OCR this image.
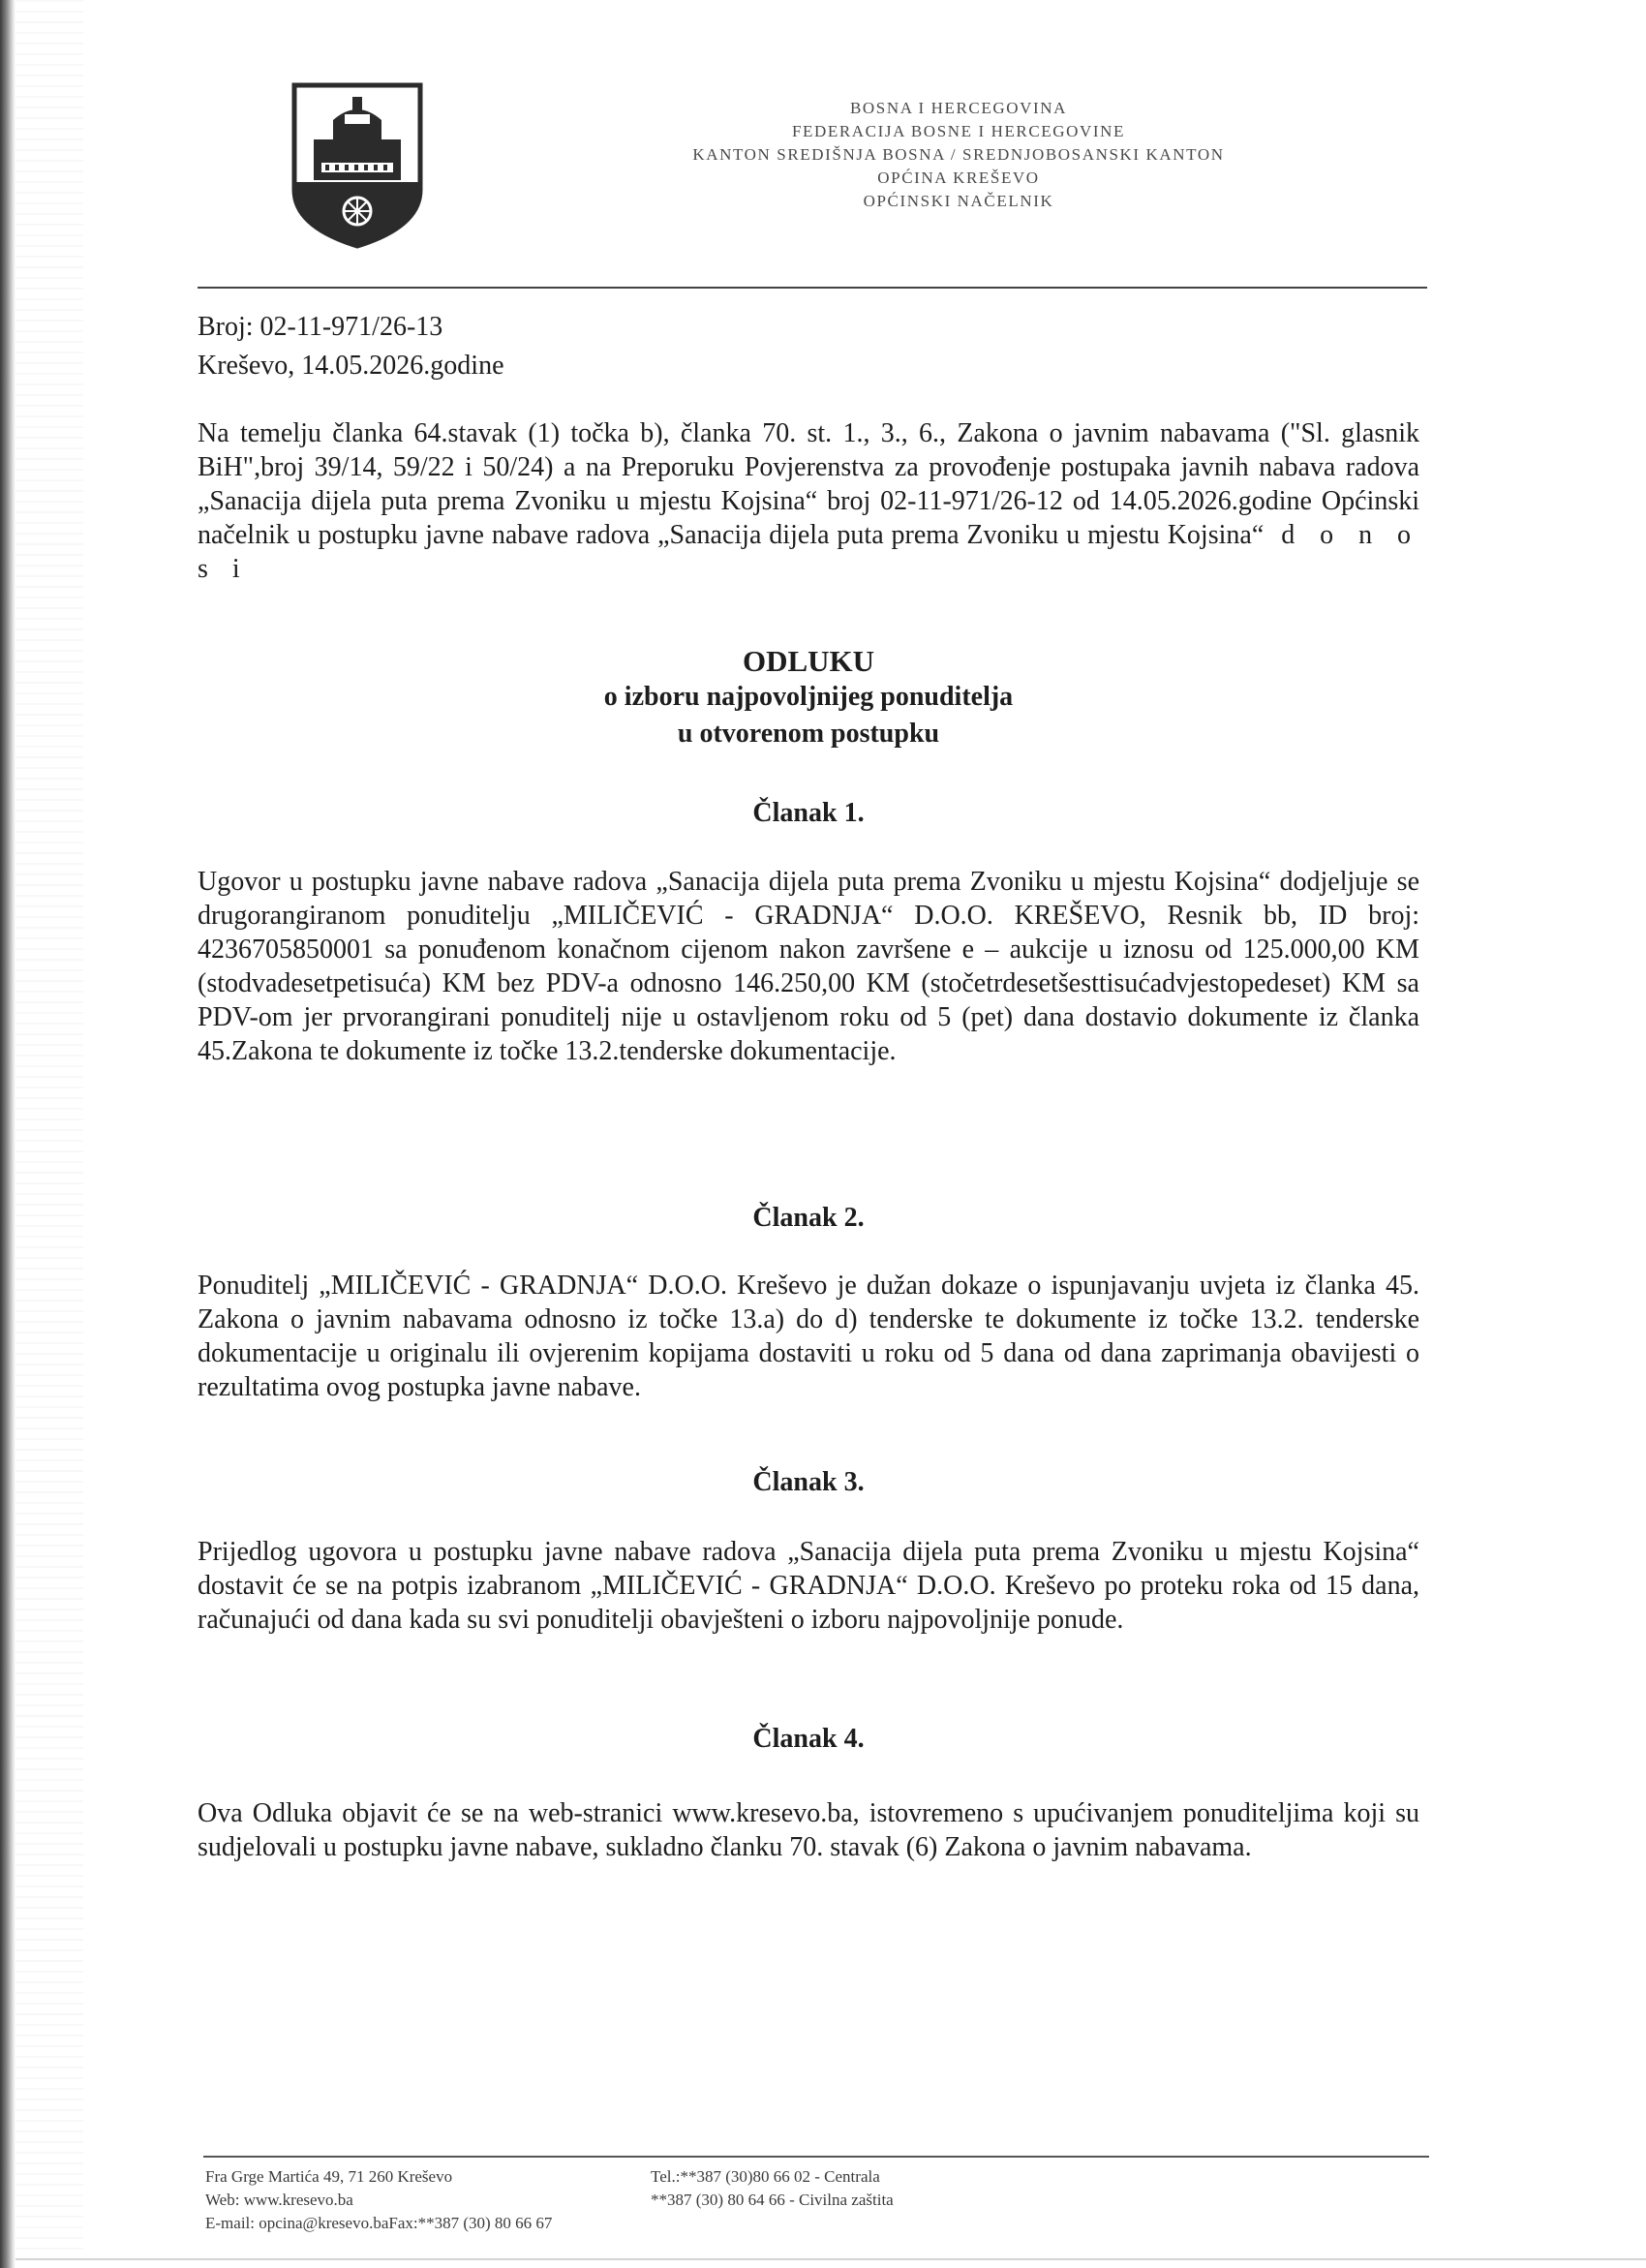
BOSNA I HERCEGOVINA
FEDERACIJA BOSNE I HERCEGOVINE
KANTON SREDIŠNJA BOSNA / SREDNJOBOSANSKI KANTON
OPĆINA KREŠEVO
OPĆINSKI NAČELNIK
Broj: 02-11-971/26-13
Kreševo, 14.05.2026.godine

Na temelju članka 64.stavak (1) točka b), članka 70. st. 1., 3., 6., Zakona o javnim nabavama ("Sl. glasnik BiH",broj 39/14, 59/22 i 50/24) a na Preporuku Povjerenstva za provođenje postupaka javnih nabava radova „Sanacija dijela puta prema Zvoniku u mjestu Kojsina“ broj 02-11-971/26-12 od 14.05.2026.godine Općinski načelnik u postupku javne nabave radova „Sanacija dijela puta prema Zvoniku u mjestu Kojsina“ d o n o s i

ODLUKU
o izboru najpovoljnijeg ponuditelja
u otvorenom postupku
Članak 1.

Ugovor u postupku javne nabave radova „Sanacija dijela puta prema Zvoniku u mjestu Kojsina“ dodjeljuje se drugorangiranom ponuditelju „MILIČEVIĆ - GRADNJA“ D.O.O. KREŠEVO, Resnik bb, ID broj: 4236705850001 sa ponuđenom konačnom cijenom nakon završene e – aukcije u iznosu od 125.000,00 KM (stodvadesetpetisuća) KM bez PDV-a odnosno 146.250,00 KM (stočetrdesetšesttisućadvjestopedeset) KM sa PDV-om jer prvorangirani ponuditelj nije u ostavljenom roku od 5 (pet) dana dostavio dokumente iz članka 45.Zakona te dokumente iz točke 13.2.tenderske dokumentacije.

Članak 2.

Ponuditelj „MILIČEVIĆ - GRADNJA“ D.O.O. Kreševo je dužan dokaze o ispunjavanju uvjeta iz članka 45. Zakona o javnim nabavama odnosno iz točke 13.a) do d) tenderske te dokumente iz točke 13.2. tenderske dokumentacije u originalu ili ovjerenim kopijama dostaviti u roku od 5 dana od dana zaprimanja obavijesti o rezultatima ovog postupka javne nabave.

Članak 3.

Prijedlog ugovora u postupku javne nabave radova „Sanacija dijela puta prema Zvoniku u mjestu Kojsina“ dostavit će se na potpis izabranom „MILIČEVIĆ - GRADNJA“ D.O.O. Kreševo po proteku roka od 15 dana, računajući od dana kada su svi ponuditelji obavješteni o izboru najpovoljnije ponude.

Članak 4.

Ova Odluka objavit će se na web-stranici www.kresevo.ba, istovremeno s upućivanjem ponuditeljima koji su sudjelovali u postupku javne nabave, sukladno članku 70. stavak (6) Zakona o javnim nabavama.

Fra Grge Martića 49, 71 260 Kreševo
Web: www.kresevo.ba
E-mail: opcina@kresevo.baFax:**387 (30) 80 66 67
Tel.:**387 (30)80 66 02 - Centrala
**387 (30) 80 64 66 - Civilna zaštita
